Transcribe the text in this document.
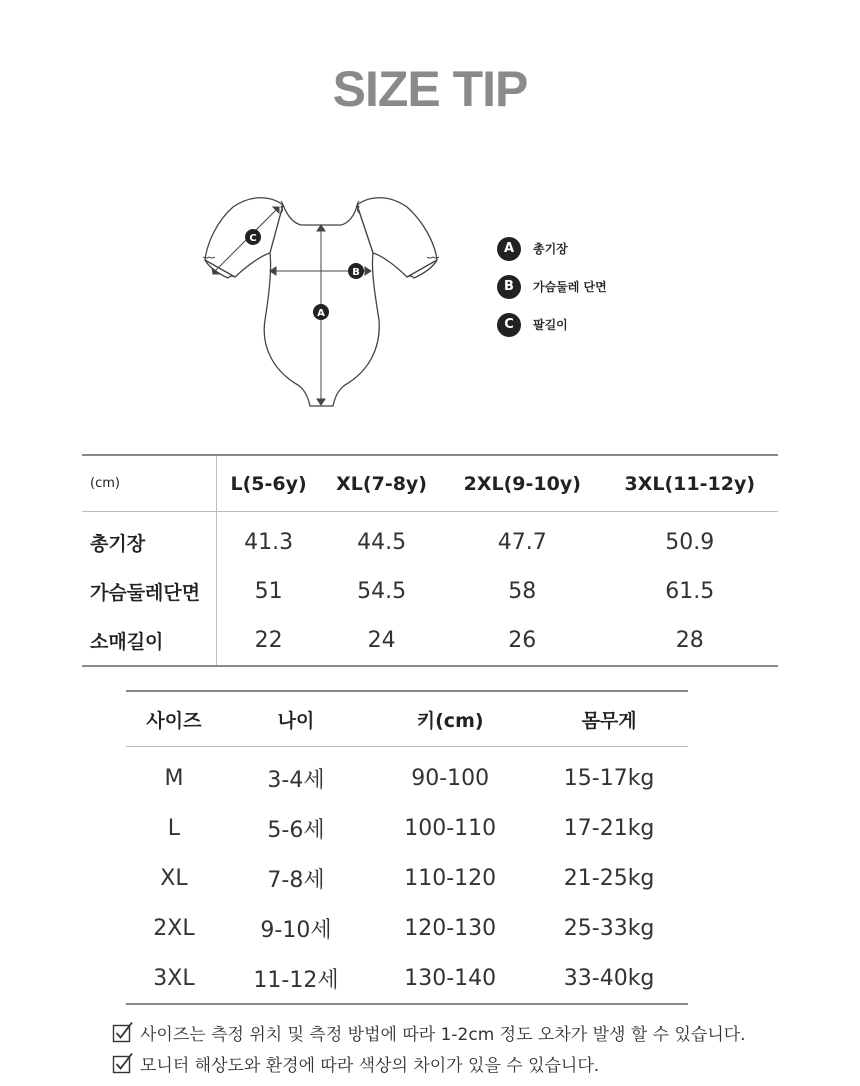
SIZE TIP
A
B
C
A	총기장
B	가슴둘레 단면
C	팔길이
(cm)	L(5-6y)	XL(7-8y)	2XL(9-10y)	3XL(11-12y)
총기장	41.3	44.5	47.7	50.9
가슴둘레단면	51	54.5	58	61.5
소매길이	22	24	26	28
사이즈	나이	키(cm)	몸무게
M	3-4세	90-100	15-17kg
L	5-6세	100-110	17-21kg
XL	7-8세	110-120	21-25kg
2XL	9-10세	120-130	25-33kg
3XL	11-12세	130-140	33-40kg
사이즈는 측정 위치 및 측정 방법에 따라 1-2cm 정도 오차가 발생 할 수 있습니다.
모니터 해상도와 환경에 따라 색상의 차이가 있을 수 있습니다.
